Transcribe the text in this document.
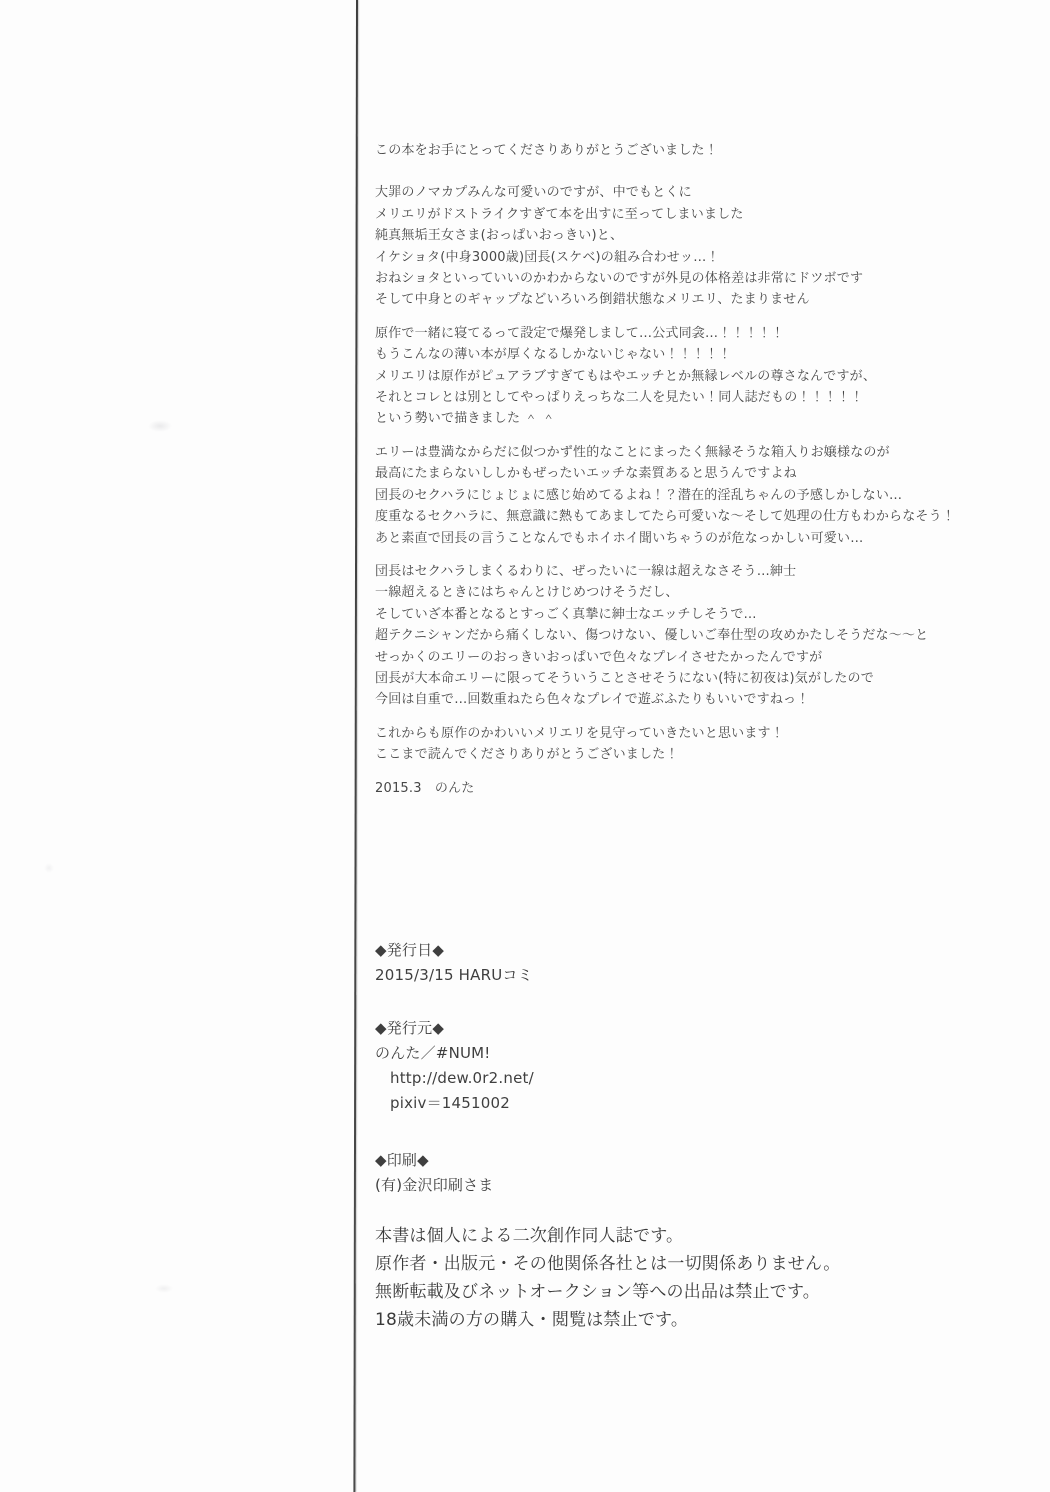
この本をお手にとってくださりありがとうございました！
大罪のノマカプみんな可愛いのですが、中でもとくに
メリエリがドストライクすぎて本を出すに至ってしまいました
純真無垢王女さま(おっぱいおっきい)と、
イケショタ(中身3000歳)団長(スケベ)の組み合わせッ…！
おねショタといっていいのかわからないのですが外見の体格差は非常にドツボです
そして中身とのギャップなどいろいろ倒錯状態なメリエリ、たまりません
原作で一緒に寝てるって設定で爆発しまして…公式同衾…！！！！！
もうこんなの薄い本が厚くなるしかないじゃない！！！！！
メリエリは原作がピュアラブすぎてもはやエッチとか無縁レベルの尊さなんですが、
それとコレとは別としてやっぱりえっちな二人を見たい！同人誌だもの！！！！！
という勢いで描きました ＾ ＾
エリーは豊満なからだに似つかず性的なことにまったく無縁そうな箱入りお嬢様なのが
最高にたまらないししかもぜったいエッチな素質あると思うんですよね
団長のセクハラにじょじょに感じ始めてるよね！？潜在的淫乱ちゃんの予感しかしない…
度重なるセクハラに、無意識に熱もてあましてたら可愛いな～そして処理の仕方もわからなそう！
あと素直で団長の言うことなんでもホイホイ聞いちゃうのが危なっかしい可愛い…
団長はセクハラしまくるわりに、ぜったいに一線は超えなさそう…紳士
一線超えるときにはちゃんとけじめつけそうだし、
そしていざ本番となるとすっごく真摯に紳士なエッチしそうで…
超テクニシャンだから痛くしない、傷つけない、優しいご奉仕型の攻めかたしそうだな～～と
せっかくのエリーのおっきいおっぱいで色々なプレイさせたかったんですが
団長が大本命エリーに限ってそういうことさせそうにない(特に初夜は)気がしたので
今回は自重で…回数重ねたら色々なプレイで遊ぶふたりもいいですねっ！
これからも原作のかわいいメリエリを見守っていきたいと思います！
ここまで読んでくださりありがとうございました！
2015.3　のんた
◆発行日◆
2015/3/15 HARUコミ
◆発行元◆
のんた／#NUM!
http://dew.0r2.net/
pixiv＝1451002
◆印刷◆
(有)金沢印刷さま
本書は個人による二次創作同人誌です。
原作者・出版元・その他関係各社とは一切関係ありません。
無断転載及びネットオークション等への出品は禁止です。
18歳未満の方の購入・閲覧は禁止です。
